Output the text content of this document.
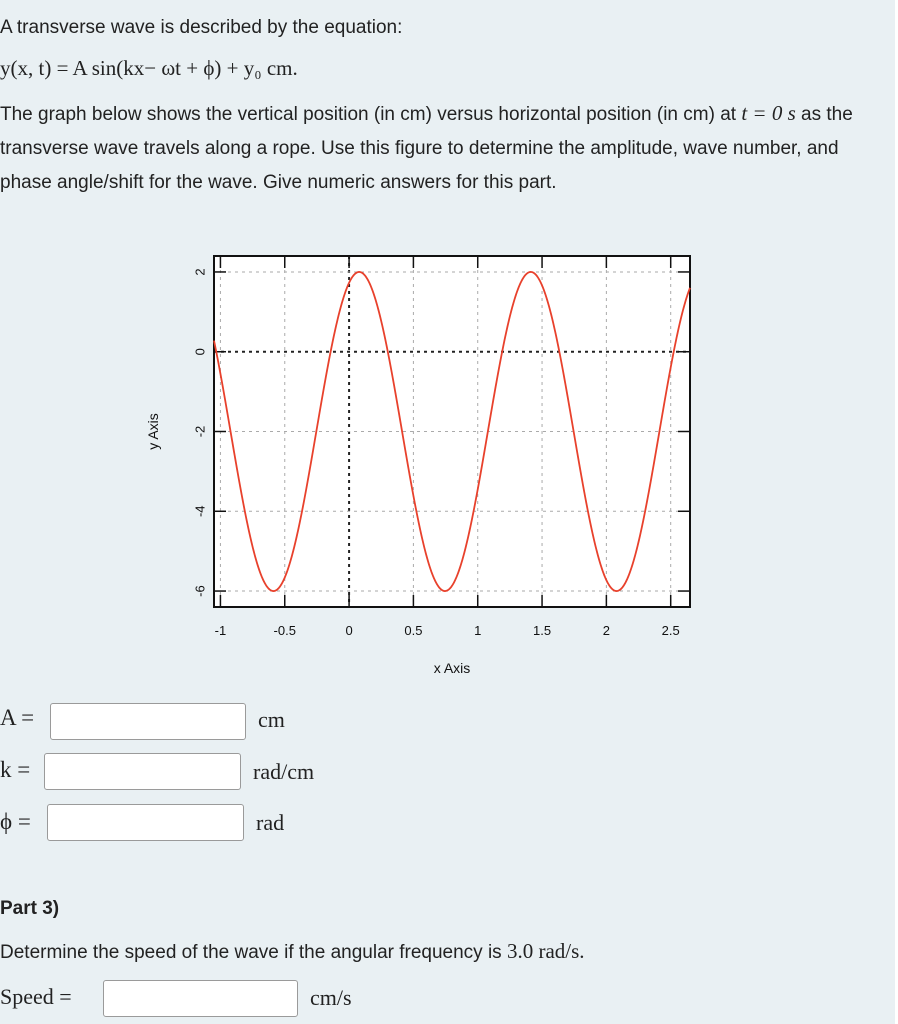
A transverse wave is described by the equation:
y(x, t) = A sin(kx− ωt + ϕ) + y₀ cm.
The graph below shows the vertical position (in cm) versus horizontal position (in cm) at t = 0 s as the transverse wave travels along a rope. Use this figure to determine the amplitude, wave number, and phase angle/shift for the wave. Give numeric answers for this part.
-1	-0.5	0	0.5	1	1.5	2	2.5
2
0
-2
-4
-6
x Axis
y Axis
A =	cm
k =	rad/cm
ϕ =	rad
Part 3)
Determine the speed of the wave if the angular frequency is 3.0 rad/s.
Speed =	cm/s
